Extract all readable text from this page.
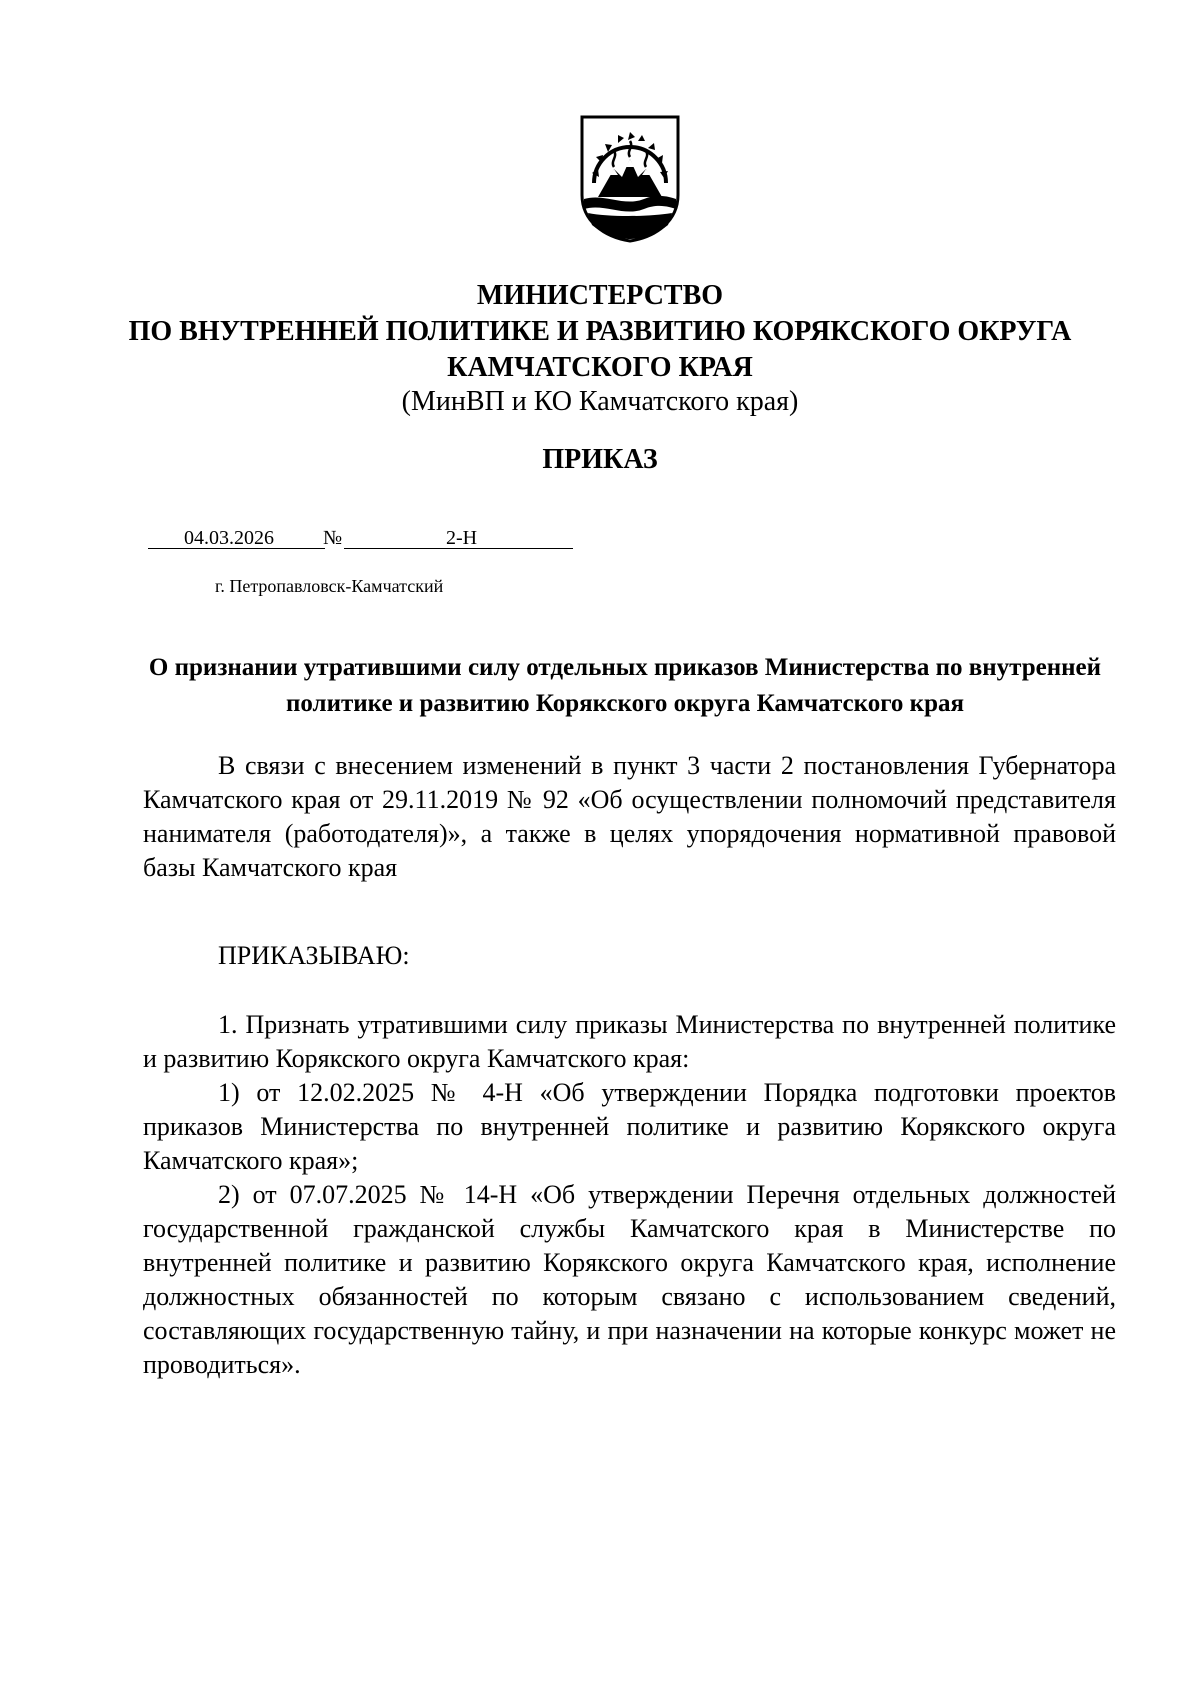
МИНИСТЕРСТВО
ПО ВНУТРЕННЕЙ ПОЛИТИКЕ И РАЗВИТИЮ КОРЯКСКОГО ОКРУГА
КАМЧАТСКОГО КРАЯ
(МинВП и КО Камчатского края)
ПРИКАЗ
04.03.2026 №	2-Н
г. Петропавловск-Камчатский
О признании утратившими силу отдельных приказов Министерства по внутренней политике и развитию Корякского округа Камчатского края
В связи с внесением изменений в пункт 3 части 2 постановления Губернатора Камчатского края от 29.11.2019 № 92 «Об осуществлении полномочий представителя нанимателя (работодателя)», а также в целях упорядочения нормативной правовой базы Камчатского края
ПРИКАЗЫВАЮ:
1. Признать утратившими силу приказы Министерства по внутренней политике и развитию Корякского округа Камчатского края:
1) от 12.02.2025 № 4-Н «Об утверждении Порядка подготовки проектов приказов Министерства по внутренней политике и развитию Корякского округа Камчатского края»;
2) от 07.07.2025 № 14-Н «Об утверждении Перечня отдельных должностей государственной гражданской службы Камчатского края в Министерстве по внутренней политике и развитию Корякского округа Камчатского края, исполнение должностных обязанностей по которым связано с использованием сведений, составляющих государственную тайну, и при назначении на которые конкурс может не проводиться».
